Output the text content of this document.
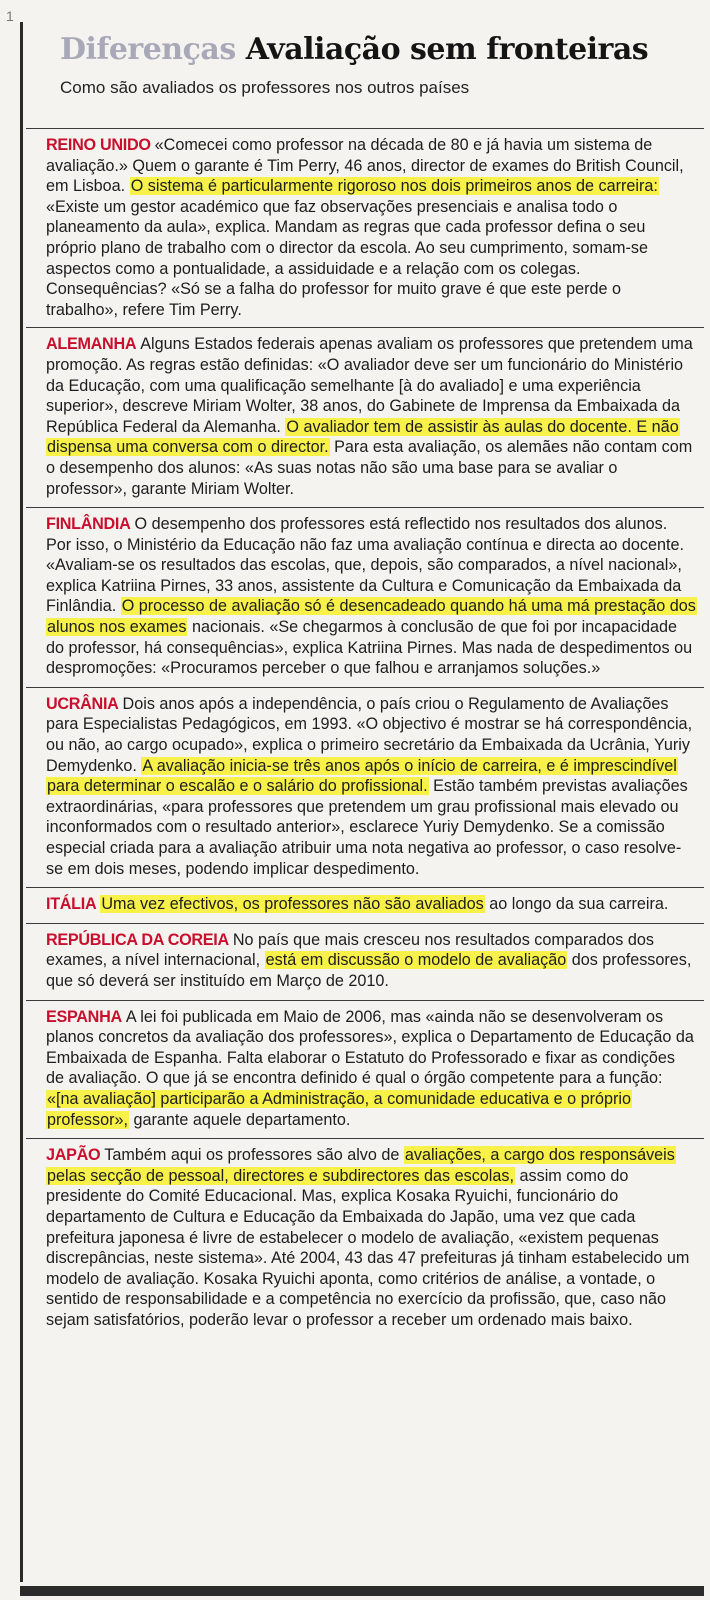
1
Diferenças Avaliação sem fronteiras
Como são avaliados os professores nos outros países

REINO UNIDO «Comecei como professor na década de 80 e já havia um sistema de avaliação.» Quem o garante é Tim Perry, 46 anos, director de exames do British Council, em Lisboa. O sistema é particularmente rigoroso nos dois primeiros anos de carreira: «Existe um gestor académico que faz observações presenciais e analisa todo o planeamento da aula», explica. Mandam as regras que cada professor defina o seu próprio plano de trabalho com o director da escola. Ao seu cumprimento, somam-se aspectos como a pontualidade, a assiduidade e a relação com os colegas. Consequências? «Só se a falha do professor for muito grave é que este perde o trabalho», refere Tim Perry.

ALEMANHA Alguns Estados federais apenas avaliam os professores que pretendem uma promoção. As regras estão definidas: «O avaliador deve ser um funcionário do Ministério da Educação, com uma qualificação semelhante [à do avaliado] e uma experiência superior», descreve Miriam Wolter, 38 anos, do Gabinete de Imprensa da Embaixada da República Federal da Alemanha. O avaliador tem de assistir às aulas do docente. E não dispensa uma conversa com o director. Para esta avaliação, os alemães não contam com o desempenho dos alunos: «As suas notas não são uma base para se avaliar o professor», garante Miriam Wolter.

FINLÂNDIA O desempenho dos professores está reflectido nos resultados dos alunos. Por isso, o Ministério da Educação não faz uma avaliação contínua e directa ao docente. «Avaliam-se os resultados das escolas, que, depois, são comparados, a nível nacional», explica Katriina Pirnes, 33 anos, assistente da Cultura e Comunicação da Embaixada da Finlândia. O processo de avaliação só é desencadeado quando há uma má prestação dos alunos nos exames nacionais. «Se chegarmos à conclusão de que foi por incapacidade do professor, há consequências», explica Katriina Pirnes. Mas nada de despedimentos ou despromoções: «Procuramos perceber o que falhou e arranjamos soluções.»

UCRÂNIA Dois anos após a independência, o país criou o Regulamento de Avaliações para Especialistas Pedagógicos, em 1993. «O objectivo é mostrar se há correspondência, ou não, ao cargo ocupado», explica o primeiro secretário da Embaixada da Ucrânia, Yuriy Demydenko. A avaliação inicia-se três anos após o início de carreira, e é imprescindível para determinar o escalão e o salário do profissional. Estão também previstas avaliações extraordinárias, «para professores que pretendem um grau profissional mais elevado ou inconformados com o resultado anterior», esclarece Yuriy Demydenko. Se a comissão especial criada para a avaliação atribuir uma nota negativa ao professor, o caso resolve-se em dois meses, podendo implicar despedimento.

ITÁLIA Uma vez efectivos, os professores não são avaliados ao longo da sua carreira.

REPÚBLICA DA COREIA No país que mais cresceu nos resultados comparados dos exames, a nível internacional, está em discussão o modelo de avaliação dos professores, que só deverá ser instituído em Março de 2010.

ESPANHA A lei foi publicada em Maio de 2006, mas «ainda não se desenvolveram os planos concretos da avaliação dos professores», explica o Departamento de Educação da Embaixada de Espanha. Falta elaborar o Estatuto do Professorado e fixar as condições de avaliação. O que já se encontra definido é qual o órgão competente para a função: «[na avaliação] participarão a Administração, a comunidade educativa e o próprio professor», garante aquele departamento.

JAPÃO Também aqui os professores são alvo de avaliações, a cargo dos responsáveis pelas secção de pessoal, directores e subdirectores das escolas, assim como do presidente do Comité Educacional. Mas, explica Kosaka Ryuichi, funcionário do departamento de Cultura e Educação da Embaixada do Japão, uma vez que cada prefeitura japonesa é livre de estabelecer o modelo de avaliação, «existem pequenas discrepâncias, neste sistema». Até 2004, 43 das 47 prefeituras já tinham estabelecido um modelo de avaliação. Kosaka Ryuichi aponta, como critérios de análise, a vontade, o sentido de responsabilidade e a competência no exercício da profissão, que, caso não sejam satisfatórios, poderão levar o professor a receber um ordenado mais baixo.
